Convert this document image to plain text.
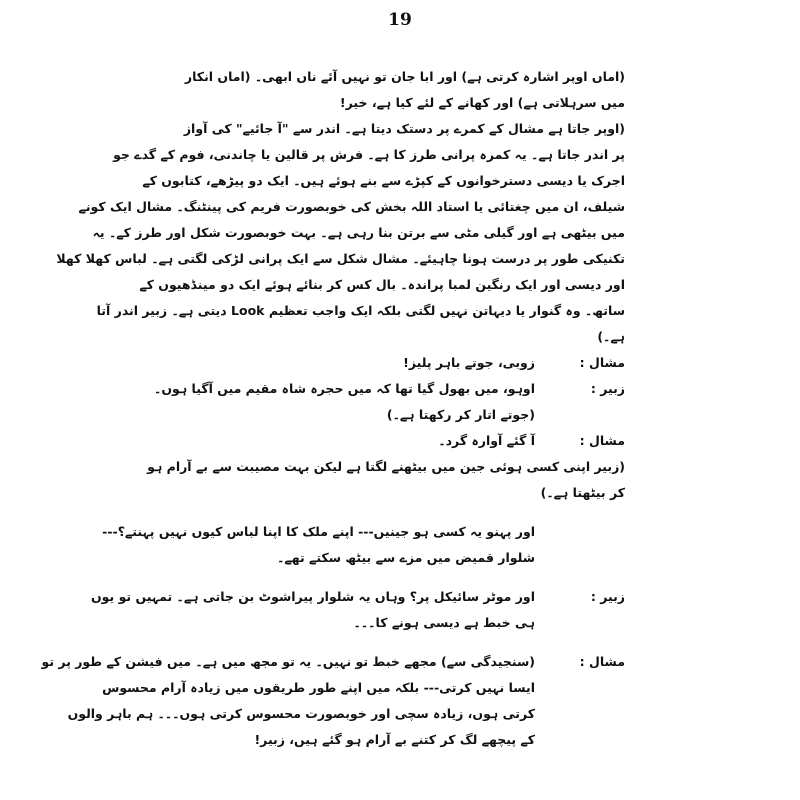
19
(اماں اوپر اشارہ کرتی ہے) اور ابا جان تو نہیں آئے ناں ابھی۔ (اماں انکار
میں سرہلاتی ہے) اور کھانے کے لئے کیا ہے، خیر!
(اوپر جاتا ہے مشال کے کمرے پر دستک دیتا ہے۔ اندر سے "آ جائیے" کی آواز
پر اندر جاتا ہے۔ یہ کمرہ پرانی طرز کا ہے۔ فرش پر قالین یا چاندنی، فوم کے گدے جو
اجرک یا دیسی دسترخوانوں کے کپڑے سے بنے ہوئے ہیں۔ ایک دو پیڑھے، کتابوں کے
شیلف، ان میں چغتائی یا استاد اللہ بخش کی خوبصورت فریم کی پینٹنگ۔ مشال ایک کونے
میں بیٹھی ہے اور گیلی مٹی سے برتن بنا رہی ہے۔ بہت خوبصورت شکل اور طرز کے۔ یہ
تکنیکی طور پر درست ہونا چاہیئے۔ مشال شکل سے ایک پرانی لڑکی لگتی ہے۔ لباس کھلا کھلا
اور دیسی اور ایک رنگین لمبا پراندہ۔ بال کس کر بنائے ہوئے ایک دو مینڈھیوں کے
ساتھ۔ وہ گنوار یا دیہاتن نہیں لگتی بلکہ ایک واجب تعظیم Look دیتی ہے۔ زبیر اندر آتا
ہے۔)
مشال :
زوبی، جوتے باہر پلیز!
زبیر :
اوہو، میں بھول گیا تھا کہ میں حجرہ شاہ مقیم میں آگیا ہوں۔
(جوتے اتار کر رکھتا ہے۔)
مشال :
آ گئے آوارہ گرد۔
(زبیر اپنی کسی ہوئی جین میں بیٹھنے لگتا ہے لیکن بہت مصیبت سے بے آرام ہو
کر بیٹھتا ہے۔)
اور پہنو یہ کسی ہو جینیں--- اپنے ملک کا اپنا لباس کیوں نہیں پہنتے؟---
شلوار قمیض میں مزے سے بیٹھ سکتے تھے۔
زبیر :
اور موٹر سائیکل پر؟ وہاں یہ شلوار پیراشوٹ بن جاتی ہے۔ تمہیں تو یوں
ہی خبط ہے دیسی ہونے کا۔۔۔
مشال :
(سنجیدگی سے) مجھے خبط تو نہیں۔ یہ تو مجھ میں ہے۔ میں فیشن کے طور پر تو
ایسا نہیں کرتی--- بلکہ میں اپنے طور طریقوں میں زیادہ آرام محسوس
کرتی ہوں، زیادہ سچی اور خوبصورت محسوس کرتی ہوں۔۔۔ ہم باہر والوں
کے پیچھے لگ کر کتنے بے آرام ہو گئے ہیں، زبیر!
